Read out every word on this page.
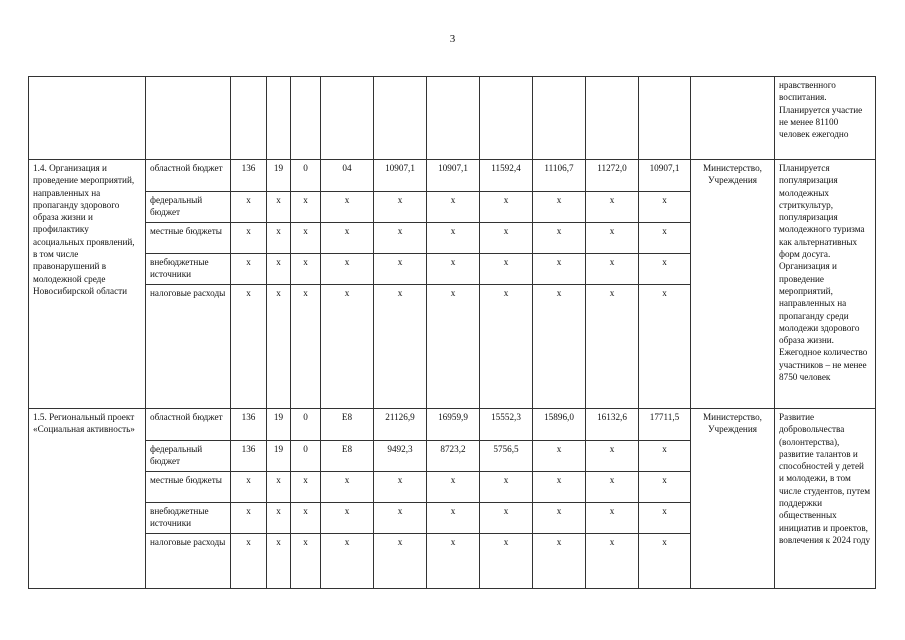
3
													нравственного воспитания. Планируется участие не менее 81100 человек ежегодно
1.4. Организация и проведение мероприятий, направленных на пропаганду здорового образа жизни и профилактику асоциальных проявлений, в том числе правонарушений в молодежной среде Новосибирской области	областной бюджет	136	19	0	04	10907,1	10907,1	11592,4	11106,7	11272,0	10907,1	Министерство, Учреждения	Планируется популяризация молодежных стриткультур, популяризация молодежного туризма как альтернативных форм досуга. Организация и проведение мероприятий, направленных на пропаганду среди молодежи здорового образа жизни. Ежегодное количество участников – не менее 8750 человек
	федеральный бюджет	x	x	x	x	x	x	x	x	x	x		
	местные бюджеты	x	x	x	x	x	x	x	x	x	x		
	внебюджетные источники	x	x	x	x	x	x	x	x	x	x		
	налоговые расходы	x	x	x	x	x	x	x	x	x	x		
1.5. Региональный проект «Социальная активность»	областной бюджет	136	19	0	Е8	21126,9	16959,9	15552,3	15896,0	16132,6	17711,5	Министерство, Учреждения	Развитие добровольчества (волонтерства), развитие талантов и способностей у детей и молодежи, в том числе студентов, путем поддержки общественных инициатив и проектов, вовлечения к 2024 году
	федеральный бюджет	136	19	0	Е8	9492,3	8723,2	5756,5	x	x	x		
	местные бюджеты	x	x	x	x	x	x	x	x	x	x		
	внебюджетные источники	x	x	x	x	x	x	x	x	x	x		
	налоговые расходы	x	x	x	x	x	x	x	x	x	x		
